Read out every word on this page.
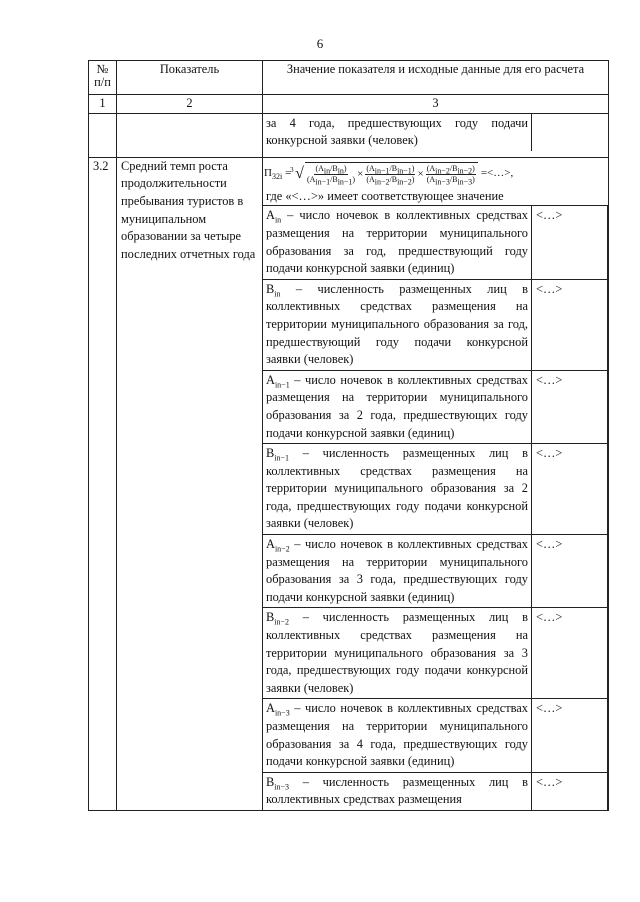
6
№ п/п	Показатель	Значение показателя и исходные данные для его расчета
1	2	3

за 4 года, предшествующих году подачи конкурсной заявки (человек)	

3.2	Средний темп роста продолжительности пребывания туристов в муниципальном образовании за четыре последних отчетных года	
$П_{32i} = 3$ √ $(A_{in}/B_{in})$
$(A_{in-1}/B_{in-1}) \times (A_{in-1}/B_{in-1})$
$(A_{in-2}/B_{in-2}) \times (A_{in-2}/B_{in-2})$
$(A_{in-3}/B_{in-3})$
=<…>,
где «<…>» имеет соответствующее значение
$A_{in}$ – число ночевок в коллективных средствах размещения на территории муниципального образования за год, предшествующий году подачи конкурсной заявки (единиц)	<…>
$B_{in}$ – численность размещенных лиц в коллективных средствах размещения на территории муниципального образования за год, предшествующий году подачи конкурсной заявки (человек)	<…>
$A_{in-1}$ – число ночевок в коллективных средствах размещения на территории муниципального образования за 2 года, предшествующих году подачи конкурсной заявки (единиц)	<…>
$B_{in-1}$ – численность размещенных лиц в коллективных средствах размещения на территории муниципального образования за 2 года, предшествующих году подачи конкурсной заявки (человек)	<…>
$A_{in-2}$ – число ночевок в коллективных средствах размещения на территории муниципального образования за 3 года, предшествующих году подачи конкурсной заявки (единиц)	<…>
$B_{in-2}$ – численность размещенных лиц в коллективных средствах размещения на территории муниципального образования за 3 года, предшествующих году подачи конкурсной заявки (человек)	<…>
$A_{in-3}$ – число ночевок в коллективных средствах размещения на территории муниципального образования за 4 года, предшествующих году подачи конкурсной заявки (единиц)	<…>
$B_{in-3}$ – численность размещенных лиц в коллективных средствах размещения	<…>
